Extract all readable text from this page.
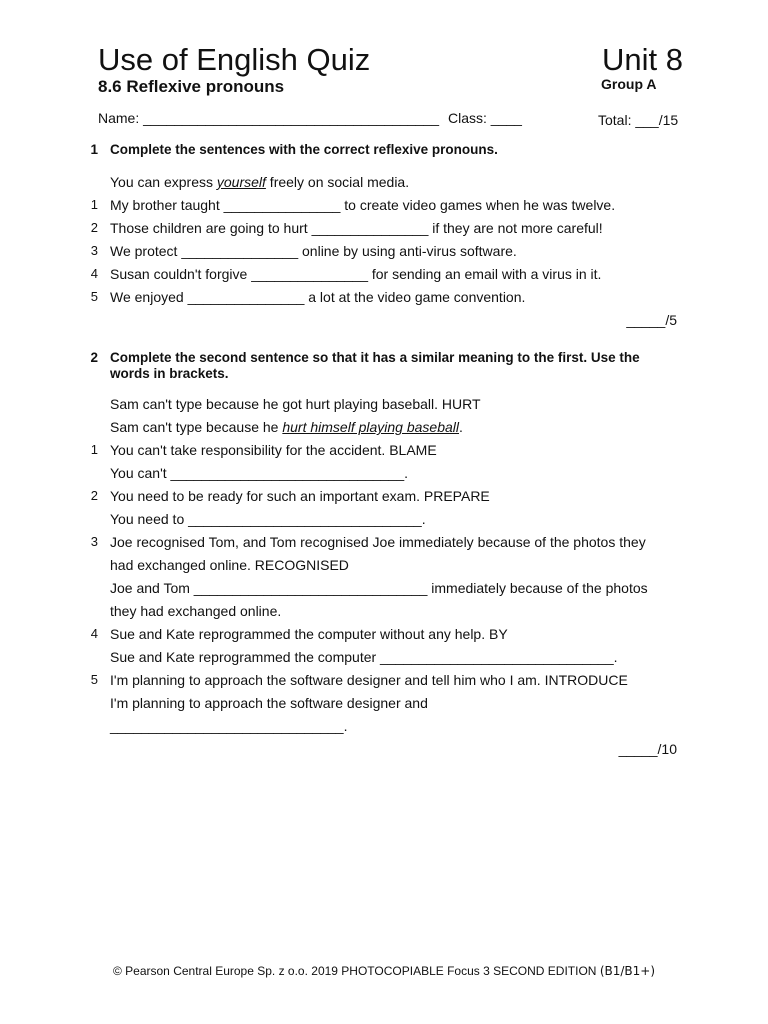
Use of English Quiz	Unit 8
8.6 Reflexive pronouns	Group A
Name: ______________________________________ Class: ____	Total: ___/15
1 Complete the sentences with the correct reflexive pronouns.
You can express yourself freely on social media.
1 My brother taught _______________ to create video games when he was twelve.
2 Those children are going to hurt _______________ if they are not more careful!
3 We protect _______________ online by using anti-virus software.
4 Susan couldn't forgive _______________ for sending an email with a virus in it.
5 We enjoyed _______________ a lot at the video game convention.
_____/5
2 Complete the second sentence so that it has a similar meaning to the first. Use the
words in brackets.
Sam can't type because he got hurt playing baseball. HURT
Sam can't type because he hurt himself playing baseball.
1 You can't take responsibility for the accident. BLAME
You can't ______________________________.
2 You need to be ready for such an important exam. PREPARE
You need to ______________________________.
3 Joe recognised Tom, and Tom recognised Joe immediately because of the photos they
had exchanged online. RECOGNISED
Joe and Tom ______________________________ immediately because of the photos
they had exchanged online.
4 Sue and Kate reprogrammed the computer without any help. BY
Sue and Kate reprogrammed the computer ______________________________.
5 I'm planning to approach the software designer and tell him who I am. INTRODUCE
I'm planning to approach the software designer and
______________________________.
_____/10
© Pearson Central Europe Sp. z o.o. 2019 PHOTOCOPIABLE Focus 3 SECOND EDITION (B1/B1+)
